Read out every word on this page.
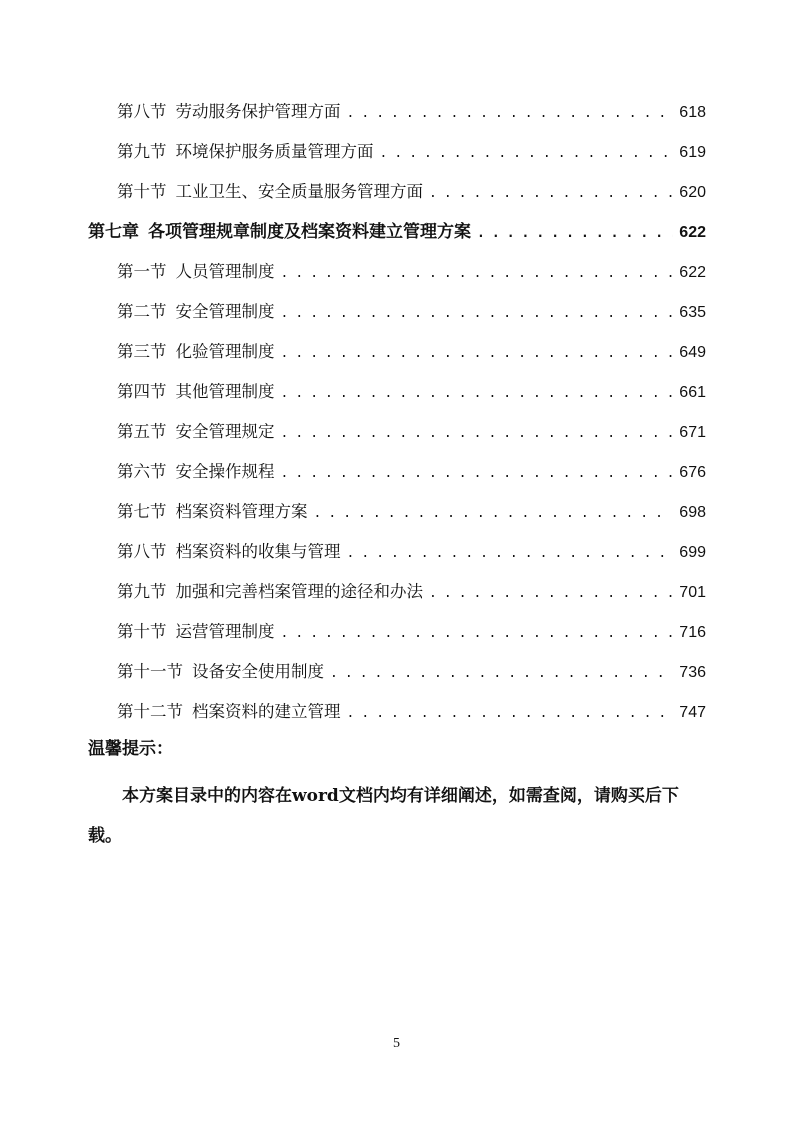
第八节 劳动服务保护管理方面 . . .	618
第九节 环境保护服务质量管理方面 . . .	619
第十节 工业卫生、安全质量服务管理方面 . . .	620
第七章 各项管理规章制度及档案资料建立管理方案 . . .	622
第一节 人员管理制度 . . .	622
第二节 安全管理制度 . . .	635
第三节 化验管理制度 . . .	649
第四节 其他管理制度 . . .	661
第五节 安全管理规定 . . .	671
第六节 安全操作规程 . . .	676
第七节 档案资料管理方案 . . .	698
第八节 档案资料的收集与管理 . . .	699
第九节 加强和完善档案管理的途径和办法 . . .	701
第十节 运营管理制度 . . .	716
第十一节 设备安全使用制度 . . .	736
第十二节 档案资料的建立管理 . . .	747
温馨提示：

本方案目录中的内容在word文档内均有详细阐述，如需查阅，请购买后下载。

5
